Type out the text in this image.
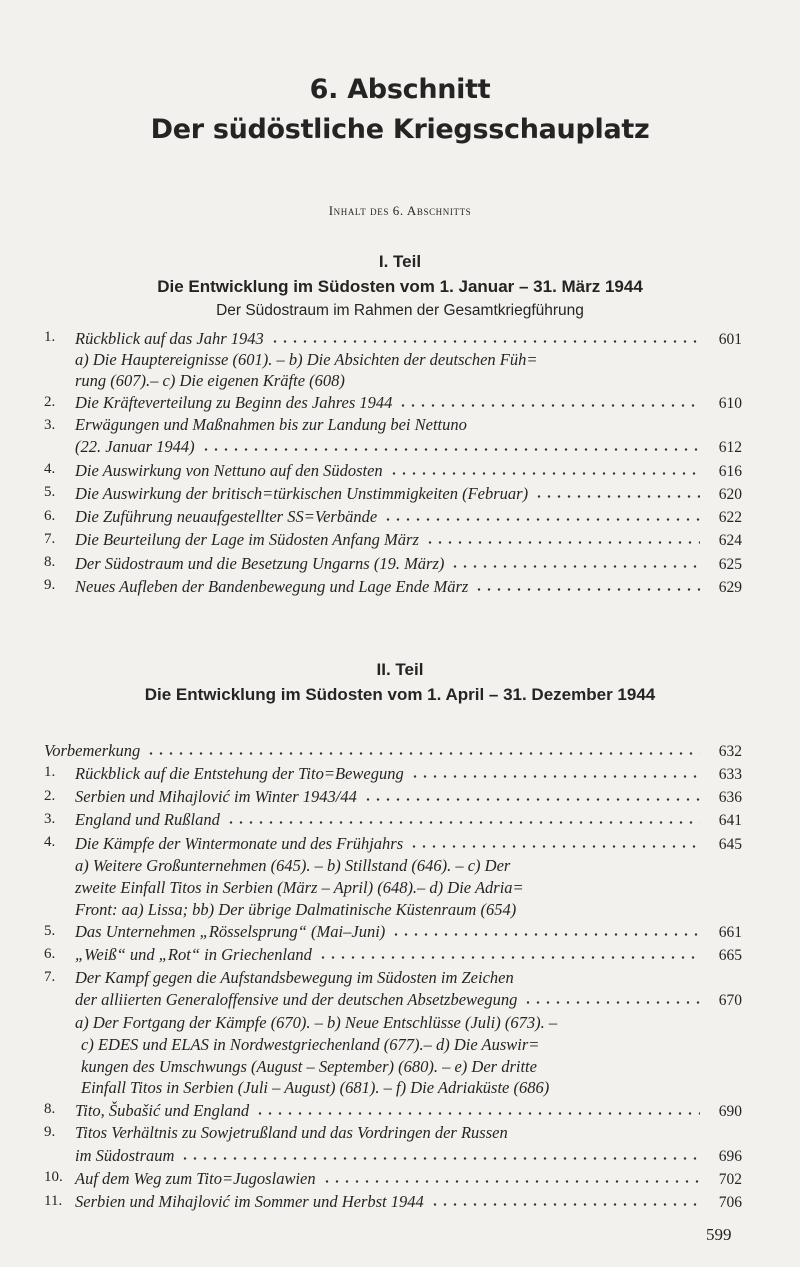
6. Abschnitt
Der südöstliche Kriegsschauplatz
Inhalt des 6. Abschnitts
I. Teil
Die Entwicklung im Südosten vom 1. Januar – 31. März 1944
Der Südostraum im Rahmen der Gesamtkriegführung
1.	Rückblick auf das Jahr 1943	601
a) Die Hauptereignisse (601). – b) Die Absichten der deutschen Füh=
rung (607).– c) Die eigenen Kräfte (608)
2.	Die Kräfteverteilung zu Beginn des Jahres 1944	610
3.	Erwägungen und Maßnahmen bis zur Landung bei Nettuno
(22. Januar 1944)	612
4.	Die Auswirkung von Nettuno auf den Südosten	616
5.	Die Auswirkung der britisch=türkischen Unstimmigkeiten (Februar)	620
6.	Die Zuführung neuaufgestellter SS=Verbände	622
7.	Die Beurteilung der Lage im Südosten Anfang März	624
8.	Der Südostraum und die Besetzung Ungarns (19. März)	625
9.	Neues Aufleben der Bandenbewegung und Lage Ende März	629
II. Teil
Die Entwicklung im Südosten vom 1. April – 31. Dezember 1944
Vorbemerkung	632
1.	Rückblick auf die Entstehung der Tito=Bewegung	633
2.	Serbien und Mihajlović im Winter 1943/44	636
3.	England und Rußland	641
4.	Die Kämpfe der Wintermonate und des Frühjahrs	645
a) Weitere Großunternehmen (645). – b) Stillstand (646). – c) Der
zweite Einfall Titos in Serbien (März – April) (648).– d) Die Adria=
Front: aa) Lissa; bb) Der übrige Dalmatinische Küstenraum (654)
5.	Das Unternehmen „Rösselsprung“ (Mai–Juni)	661
6.	„Weiß“ und „Rot“ in Griechenland	665
7.	Der Kampf gegen die Aufstandsbewegung im Südosten im Zeichen
der alliierten Generaloffensive und der deutschen Absetzbewegung	670
a) Der Fortgang der Kämpfe (670). – b) Neue Entschlüsse (Juli) (673). –
c) EDES und ELAS in Nordwestgriechenland (677).– d) Die Auswir=
kungen des Umschwungs (August – September) (680). – e) Der dritte
Einfall Titos in Serbien (Juli – August) (681). – f) Die Adriaküste (686)
8.	Tito, Šubašić und England	690
9.	Titos Verhältnis zu Sowjetrußland und das Vordringen der Russen
im Südostraum	696
10. Auf dem Weg zum Tito=Jugoslawien	702
11. Serbien und Mihajlović im Sommer und Herbst 1944	706
599
